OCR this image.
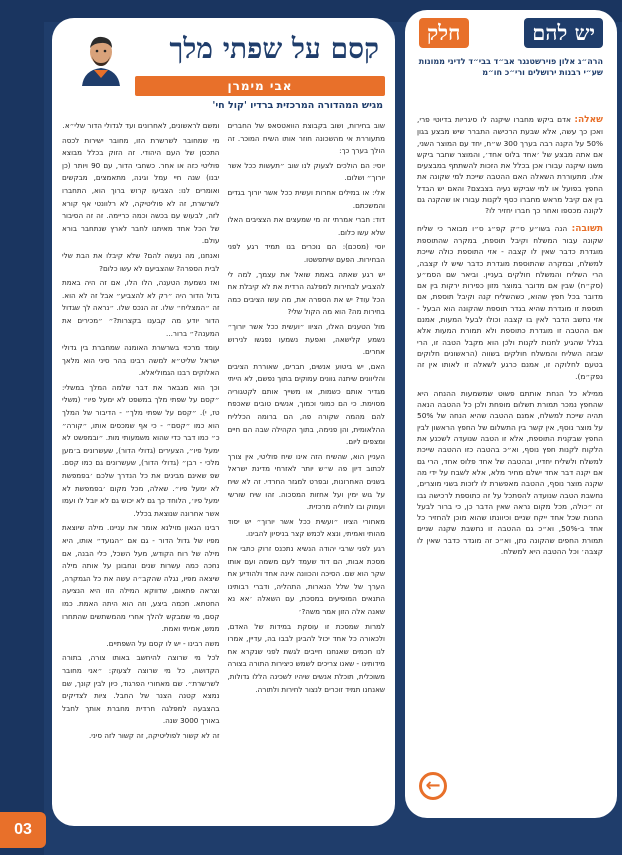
קסם על שפתי מלך
אבי מימרן
מגיש המהדורה המרכזית ברדיו 'קול חי'

שוב בחירות, ושוב בקבוצת הוואטסאפ של החברים מתעוררת אי מהשכונה חוזר אותו השיח המוכר. זה הולך בערך כך:

יוסי: הם הולכים לצעוק לנו שוב ״תעשות ככל אשר יורוך״ ושלום.

אלי: או במילים אחרות ועשית ככל אשר יורוך בגדים והמשכתם.

דוד: חברי אמרתי זה מי שמעצים את הצציבים האלו שלא עשו כלום.

יוסי (מסכם): הם נוכרים בנו תמיד רגע לפני הבחירות. הפעם שיתפשטו.

יש רגע שאתה באמת שואל את עצמך, למה לי להצביע לבחירות למפלגה הרדית את לא קיבלת את הכל עוד? יש את הספרה את, מה עשו הציבים כמה בחירות מה? הוא מה הקול שלי?

מול הטענים האלו, הציוו ״ועשית ככל אשר יורוך״ נשמע קלישאה, ואפעת נשמעו נפגשו לנירוש אחרים.

האם, יש ביטוע אנשים, חברים, שאוררת הציבים והליוונים שיתנה גוונים עמוקים בתוך נפשם, לא הייתי מגדיר אותם כשמות, או משייך אותם לקטגוריה מסוימת. כי הם כמוני וכמוך, אנשים טובים שאכפת להם מהמה שקורה פה, הם ברומה הכללית ההלאומית, והן פנימה, בתוך הקהילה שבה הם חיים ומצפים ליום.

העניין הוא, שהשיח הזה אינו שיח פוליטי, אין צורך לכתוב דיון פה ש״ש יותר לאזרחי מדינת ישראל בשנים האחרונות, ובפרט למגזר החרדי. זה לא שיח על גוש ימין ועל אחזות המסכוה. זהו שיח שורשי ועמוק ובו לחוליה מרכזית.

מאחורי הציוו ״ועשית ככל אשר יורוך״ יש יסוד מהותי ואמיתי, ונצא לכמש קצר בניסיון להבינו.

רגע לפני שרבי יהודה הנשיא נתכנס זרוק כתבי את מסכת אבות, הם דוד שעמד לעם משמה ועם אותו שקר הוא שם. הסיכה והכוונה אינה אחד ולהודיע את הערך של שלל הנארות, התהליה, ודברי רבותינו התנאים המופיעים במסכת, עם השאלה ׳אא נא שאנה אלה הזון אמר משה?׳

למרות שמסכת זו עוסקת במידות של האדם, ולכאורה כל אחד יכול להבינן לבבו בה, עדיין, אמרו לנו חכמים שאנחנו חייבים לגשת לפני שנקרא את מידותינו - שאנו צריכים לשמש כיצירות התורה בצורה משוכלית, תוכלת אנשים שיהיו לשכינה הללו גדולות, שאנחנו תמיד זוכרים לנצור לחירות ולתורה.

ומשם לראשונים, לאחרונים ועד לגדולי הדור שלי״א.

מי שמחובר לשרשרת הזו, מחובר ישירות לכסה התכסן של העם היהודי. זה הזוק בכלל מבוצא פוליטי כזה או אחר. כשחבי הדור, עם 90 ויותר (כן יבנו) שנה חיי עמל וגינה, מתאמצים, מבקשים ואומרים לנו: הצביעו קרוש ברוך הוא, התחברו לשרשרת, זה לא פוליטיקה, לא רלוונטי אף קורא לזה, לבעוש עם בכשה וכמה כריימה. זה זה הסיבור של הכל אחד מאיתנו לחבר לארץ שנתחבר בורא עולם.

ואנחנו, מה נעשה להם? שלא קיבלו את הבת שלי לבית הספרה? שהצביעם לא עשו כלום?

ואז נשמעת הטענה, הלו הלו, אם זה היה באמת גדול הדור היה ״רק לא להצביע״ אבל זה לא הוא. זה ״המצליח״ שלו. זה הנכס שלו. ״נראה לך שגדול הדור יודע מה קבענו בקצרות?״ ״מכירים את המענה?״ ברור...

עומד מרכזי בשרשרת האומנה שמחברת בין גדולי ישראל שליט״א למשה רבינו בהר סיני הוא מלאך האלוקים רבנו הגמוליאלא.

וכך הוא מגבאר את דבר שלמה המלך במשלי: ״קסם על שפתי מלך במשפט לא ימעל פיו״ (משלי טז, י). ״קסם על שפתי מלך״ - הדיבור של המלך הוא כמו ״קסם״ - כי אף שמכסים אותו, ״קורה״ כ״ כמו דבר כדי שהוא משמעותי מות. ״ובמפשט לא ימעל פיו״, הצעירים (גדולי הדור), שעשרונים ב׳מען מלכי - רבן״ (גדולי הדור), שעשרונים גם כמו קסם. שפ שאינם מבינים את כל הנדרך שלכם ׳בפמפשת לא ימעל פיו״. שאלה, מכל מקום ׳בפמפשת לא ימעל פיו׳, הלוחד כך גם לא יכוש גם לא יובל לו ועמו אשר אחרונה שנוצאת בכלל.

רבינו הגאון מוילנא אומר את עניינו. מילה שיוצאת מפיו של גדול הדור - גם אם ״הגועד״ אותו, היא מילה של רוח הקודש, מעל השכל, כלי הבנה, אם נחכה כמה עשרות שנים ונחבונן על אותה מילה שיצאה מפיו, נגלה שהקב״ה עשה את כל הגמקרה, וצראה פתאום, שדווקא המילה הזו היא הנציעה החטתא. חכמה ביצע, וזה הוא היתה האמת. כמו קסם, מי שמבקש להלך אחרי מהמשתשים שהתחרו ממש, אמיתי ואמת.

משה רבינו - יש לו קסם על השפתיים.

לכל מי שרוצה להיחשב באותו צורה, בתורה הקדושה, כל מי שרוצה לצעוק: ״אני מחובר לשרשרת״. שם מאחורי הפרגוד, כיון לבין קונך, שם נמצא קטנה הצנר של החבל. ציות לצדיקים בהצבעה למפלגה חרדית מחברת אותך לחבל באורך 3000 שנה.

זה לא קשור לפוליטיקה, זה קשור לזה סיני.

יש להם
חלק
הרה״ג אלון פוירשטנגר אב״ד בבי״ד לדיני ממונות שע״י רבנות ירושלים ורי״כ חו״מ

שאלה: אדם ביקש מחברו שיקנה לו סיגריות בדיוטי פרי, ואכן כך עשה, אלא שבעת הרכישה התברר שיש מבצע בגון 50% על הקנה רבה בערך 300 ש״ח, יחד עם המוצר השני, אם אתה מבצע של ׳אחד בלוס אחד׳, והמוצר שחבר ביקש משנו שיקנה עבורו אכן בכלל את הזכות להשתתף במבצעים אלו. מתעוררת השאלה האם ההטבה שייכת למי שקונה את החפץ בפועל או למי שביקש נעיה בצבצם? והאם יש הבדל בין אם קיבל מראש מחברו כסף לקנות עבורו או שהקנה גם לקונה מכספו ואחר כך חברו יחזיר לו?

תשובה: הנה בשו״ע ס״ק קפ״ג ס״ו מבואר כי שליח שקונה עבור המשלח וקיבל תוספת, במקרה שהתוספת מוגדרת כדבר שאין לו קצבה - אזי התוספת כולה שייכת למשלח, ובמקרה שהתוספת מוגדרת כדבר שיש לו קצבה, הרי השליח והמשלח חולקים בעניין. וביאר שם הסמ״ע (סק״ח) שבין אם מדובר במוצר מזון כפירות ירקות בין אם מדובר בכל חפץ שהוא, כשהשליח קנה וקיבל תוספת, אם תוספת זו מוגדרת שהיא בגדר תוספת שהקונה הוא הבעל - אזי נחשב הדבר לאין בו קצבה וכולו לבעל המעות, אמנם אם ההטבה זו מוגדרת כתוספת ולא תמורת המעות אלא בגלל שהגיע לחנות לקנות ולכן הוא מקבל הטבה זו, הרי שבזה השליח והמשלח חולקים בשווה (הראשונים חלוקים בטעם לחלוקה זו, אמנם כרגע לשאלה זו לאותו אין זה נפק״מ).

ממילא כל הנחת אותתם פשוט שמשמעות ההנחה היא שהחפץ נמכר תמורת תשלום מופחת ולכן כל ההטבה הנאה תהיה שייכת למשלח, אמנם ההטבה שהיא הנחה של 50% על מוצר נוסף, אין קשר בין התשלום של החפץ הראשון לבין החפץ שבקנית התוספת, אלא זו הטבה שנועדה לשכנע את הלקוח לקנות חפץ נוסף, וא״כ בהטבה כזו ההטבה שייכת למשלח ולשליח יחדיו, ובהטבה של אחד פלוס אחד, הרי גם אם יקנה דבר אחד ישלם מחיר מלא, אלא לשבח על ידי מה שקנה מוצר נוסף, ההטבה מאפשרת לו לזכות בשני מוצרים, נחשבת הטבה שנועדה להסתכל על זה כתוספת לרכישה גבו זה ״כולה, מכל מקום נראה שאין הדבר כן, כי ברור לבעל החנות שכל אחד ייקח שניים וכיוונתו שהוא מוכן להחזיר כל אחד ב-50%, וא״כ גם ההטבה זו נחשבת שקנה שניים תמורת החפים שהקונה נתן, וא״כ זה מוגדר כדבר שאין לו קצבה׳ וכל ההטבה היא למשלח.

←
03
